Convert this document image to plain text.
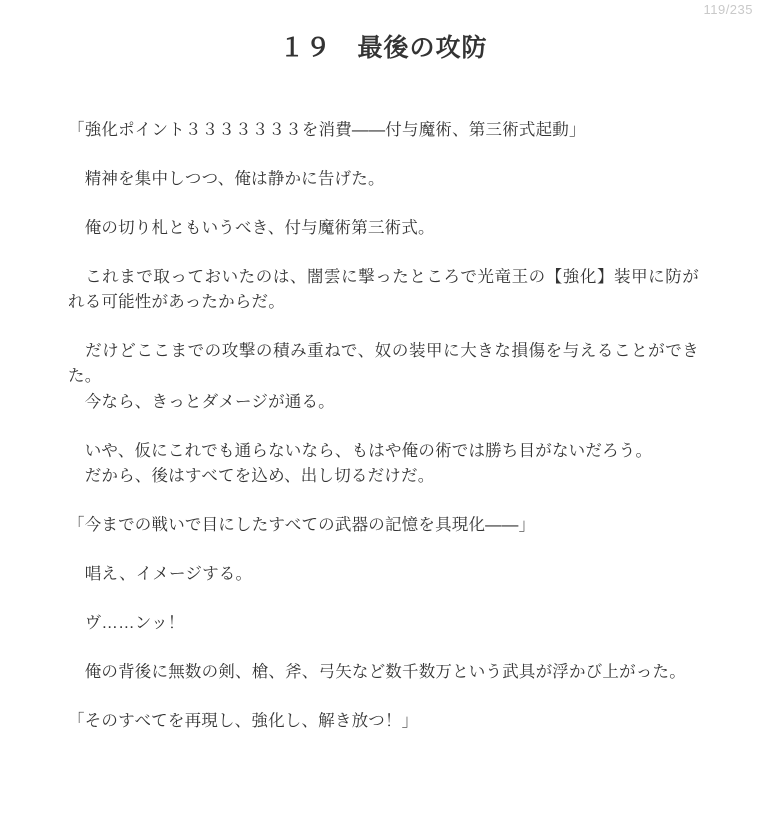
119/235
１９　最後の攻防

「強化ポイント３３３３３３３を消費——付与魔術、第三術式起動」

　精神を集中しつつ、俺は静かに告げた。

　俺の切り札ともいうべき、付与魔術第三術式。

　これまで取っておいたのは、闇雲に撃ったところで光竜王の【強化】装甲に防がれる可能性があったからだ。

　だけどここまでの攻撃の積み重ねで、奴の装甲に大きな損傷を与えることができた。

　今なら、きっとダメージが通る。

　いや、仮にこれでも通らないなら、もはや俺の術では勝ち目がないだろう。

　だから、後はすべてを込め、出し切るだけだ。

「今までの戦いで目にしたすべての武器の記憶を具現化——」

　唱え、イメージする。

　ヴ……ンッ！

　俺の背後に無数の剣、槍、斧、弓矢など数千数万という武具が浮かび上がった。

「そのすべてを再現し、強化し、解き放つ！」
